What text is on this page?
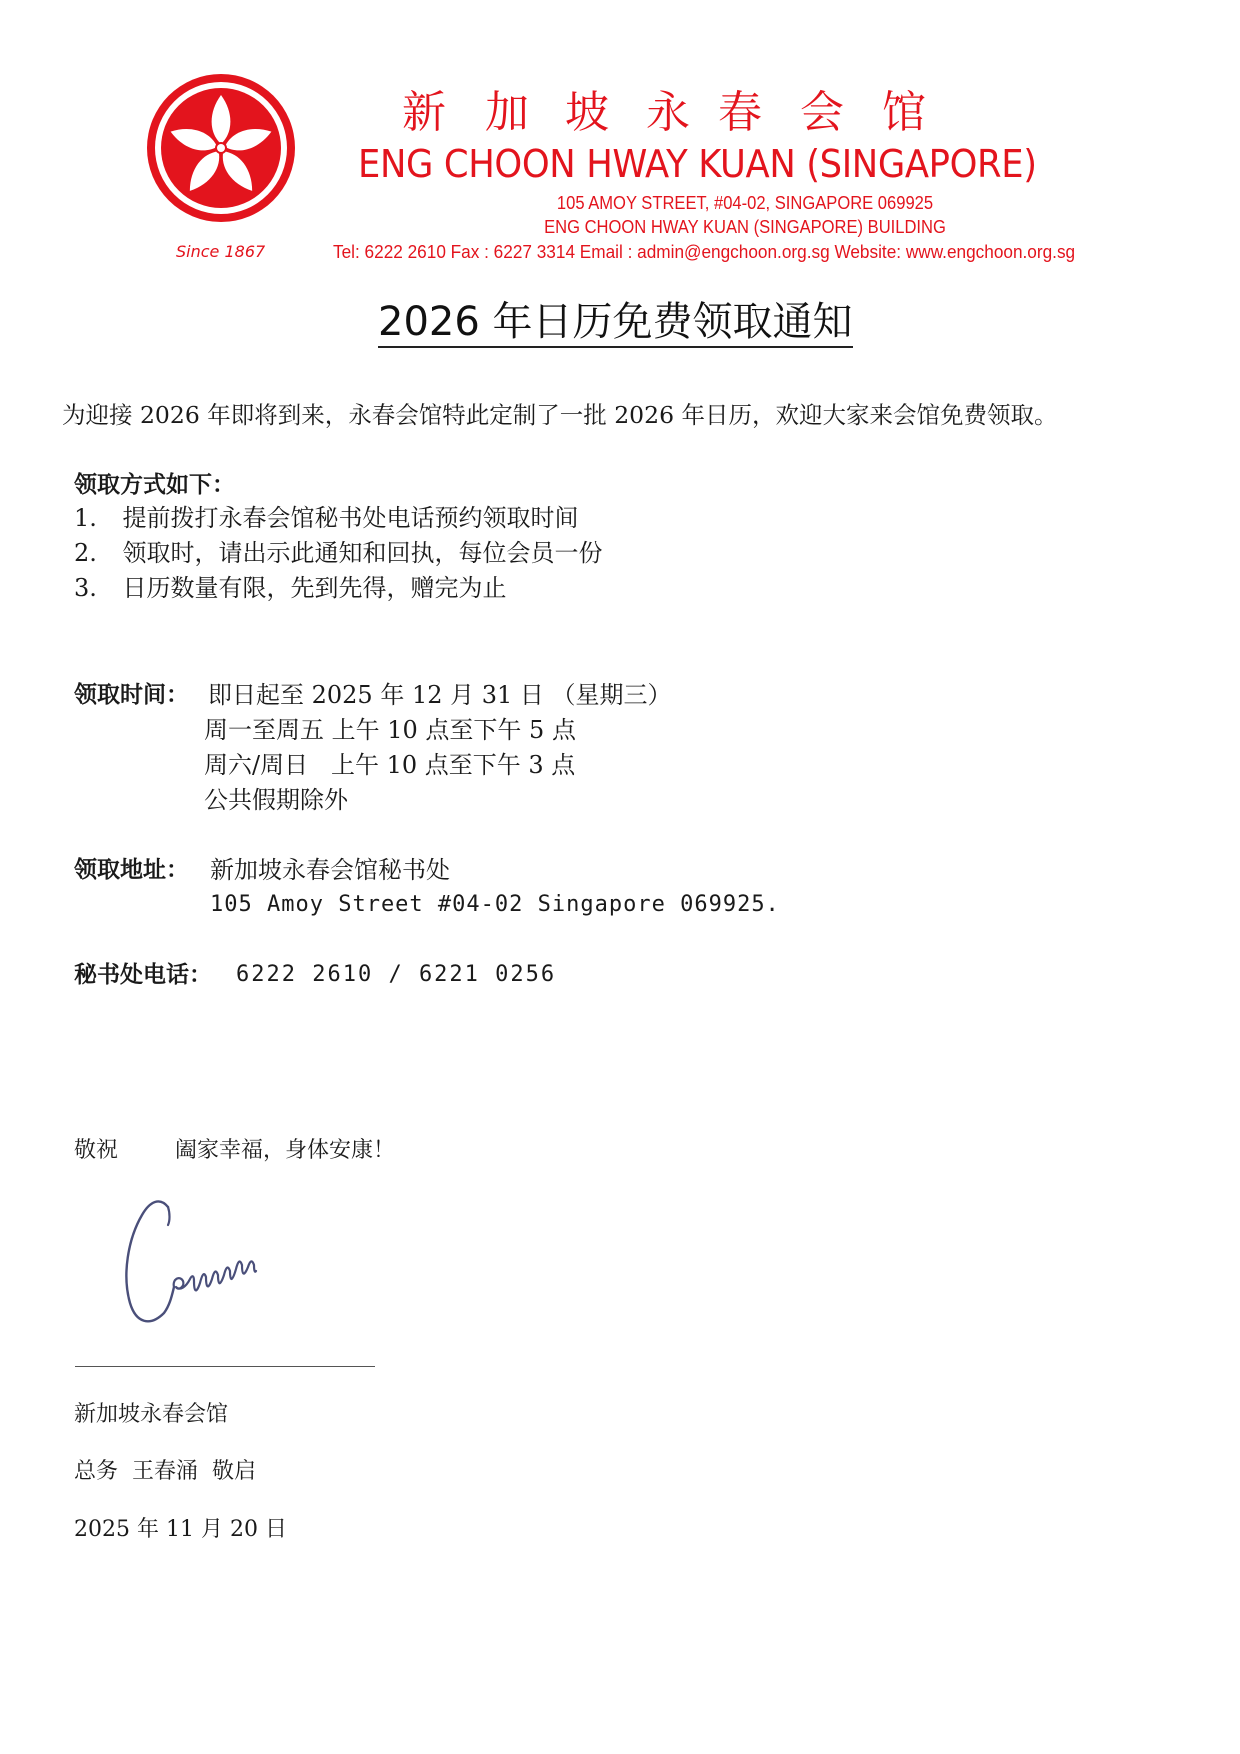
新 加 坡 永 春 会 馆
ENG CHOON HWAY KUAN (SINGAPORE)
105 AMOY STREET, #04-02, SINGAPORE 069925
ENG CHOON HWAY KUAN (SINGAPORE) BUILDING
Tel: 6222 2610 Fax : 6227 3314 Email : admin@engchoon.org.sg Website: www.engchoon.org.sg
Since 1867
2026 年日历免费领取通知
为迎接 2026 年即将到来，永春会馆特此定制了一批 2026 年日历，欢迎大家来会馆免费领取。
领取方式如下：
1. 提前拨打永春会馆秘书处电话预约领取时间
2. 领取时，请出示此通知和回执，每位会员一份
3. 日历数量有限，先到先得，赠完为止
领取时间： 即日起至 2025 年 12 月 31 日 （星期三）
周一至周五 上午 10 点至下午 5 点
周六/周日   上午 10 点至下午 3 点
公共假期除外
领取地址： 新加坡永春会馆秘书处
105 Amoy Street #04-02 Singapore 069925.
秘书处电话： 6222 2610 / 6221 0256
敬祝	阖家幸福，身体安康！
新加坡永春会馆
总务  王春涌  敬启
2025 年 11 月 20 日
